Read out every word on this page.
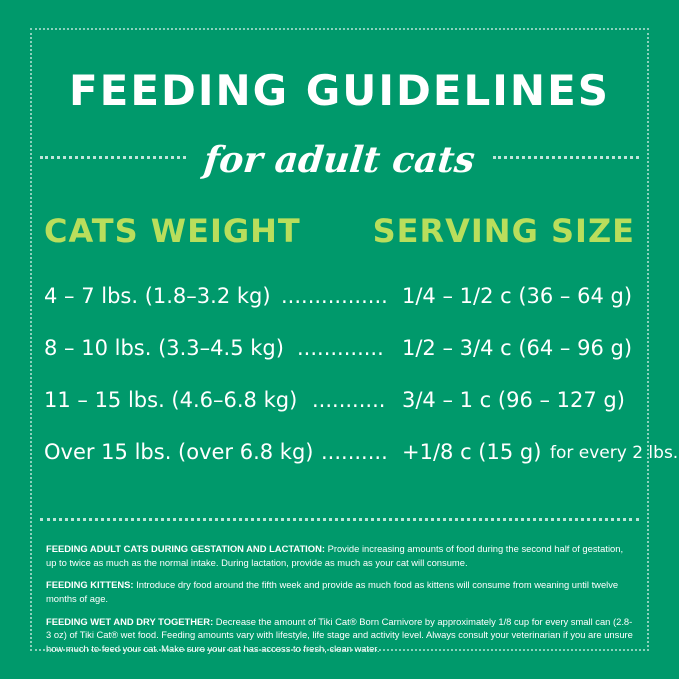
FEEDING GUIDELINES
for adult cats
CATS WEIGHT	SERVING SIZE
4 – 7 lbs. (1.8–3.2 kg) ................ 1/4 – 1/2 c (36 – 64 g)
8 – 10 lbs. (3.3–4.5 kg) ............. 1/2 – 3/4 c (64 – 96 g)
11 – 15 lbs. (4.6–6.8 kg) ........... 3/4 – 1 c (96 – 127 g)
Over 15 lbs. (over 6.8 kg) .......... +1/8 c (15 g) for every 2 lbs.

FEEDING ADULT CATS DURING GESTATION AND LACTATION: Provide increasing amounts of food during the second half of gestation, up to twice as much as the normal intake. During lactation, provide as much as your cat will consume.

FEEDING KITTENS: Introduce dry food around the fifth week and provide as much food as kittens will consume from weaning until twelve months of age.

FEEDING WET AND DRY TOGETHER: Decrease the amount of Tiki Cat® Born Carnivore by approximately 1/8 cup for every small can (2.8-3 oz) of Tiki Cat® wet food. Feeding amounts vary with lifestyle, life stage and activity level. Always consult your veterinarian if you are unsure how much to feed your cat. Make sure your cat has access to fresh, clean water.
